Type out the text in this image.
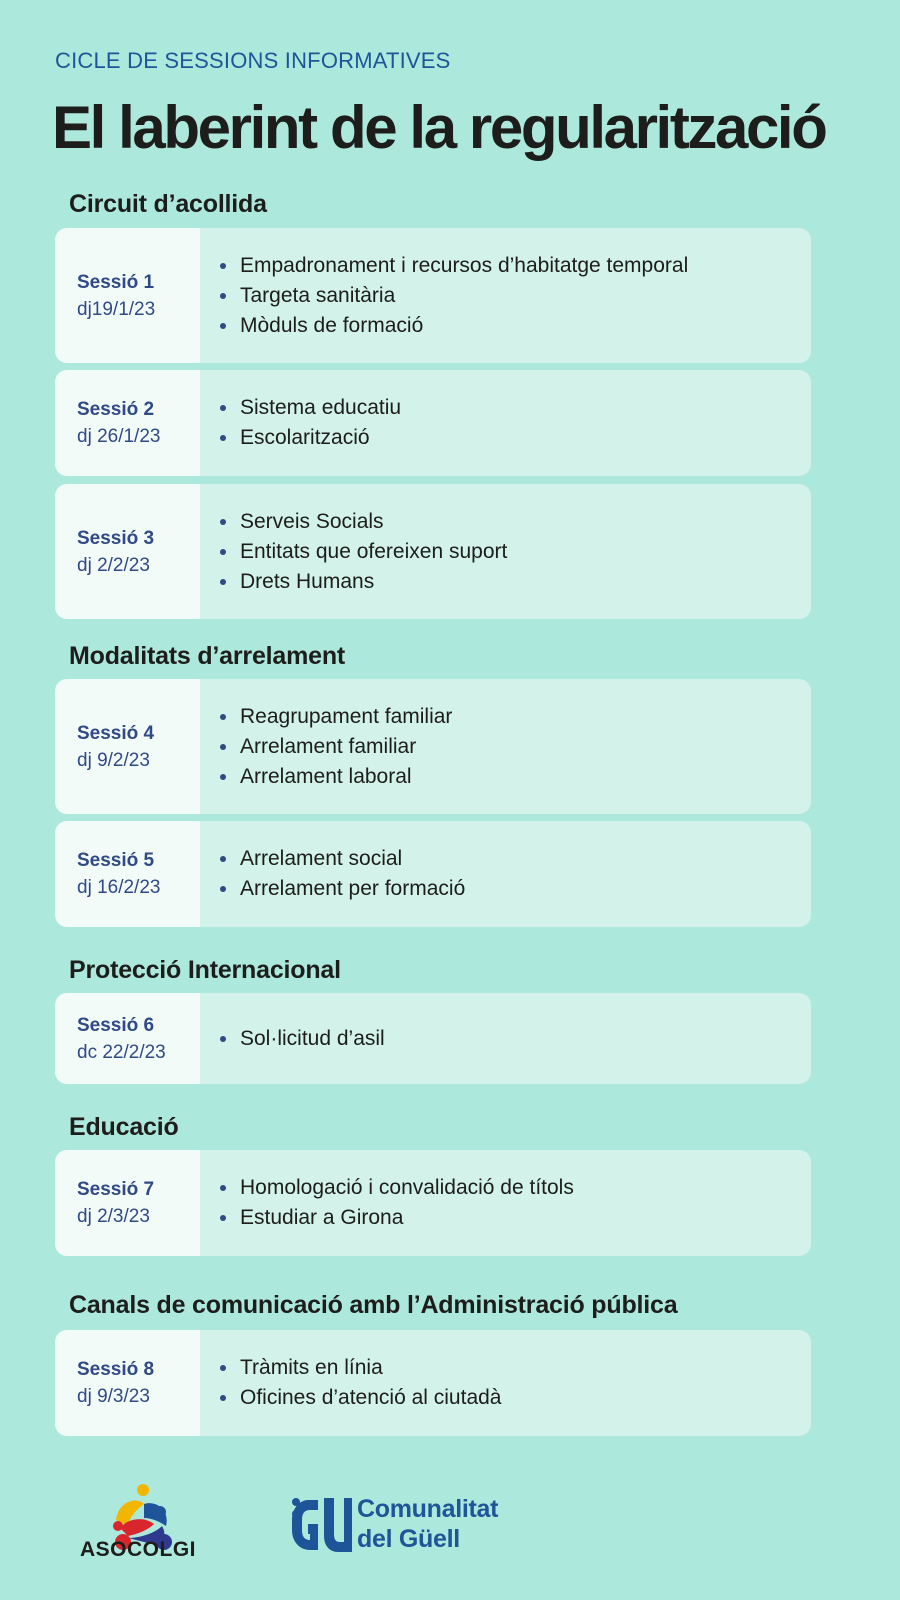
CICLE DE SESSIONS INFORMATIVES
El laberint de la regularització
Circuit d’acollida
Sessió 1
dj19/1/23
Empadronament i recursos d’habitatge temporal
Targeta sanitària
Mòduls de formació
Sessió 2
dj 26/1/23
Sistema educatiu
Escolarització
Sessió 3
dj 2/2/23
Serveis Socials
Entitats que ofereixen suport
Drets Humans
Modalitats d’arrelament
Sessió 4
dj 9/2/23
Reagrupament familiar
Arrelament familiar
Arrelament laboral
Sessió 5
dj 16/2/23
Arrelament social
Arrelament per formació
Protecció Internacional
Sessió 6
dc 22/2/23
Sol·licitud d’asil
Educació
Sessió 7
dj 2/3/23
Homologació i convalidació de títols
Estudiar a Girona
Canals de comunicació amb l’Administració pública
Sessió 8
dj 9/3/23
Tràmits en línia
Oficines d’atenció al ciutadà
ASOCOLGI
Comunalitat
del Güell
